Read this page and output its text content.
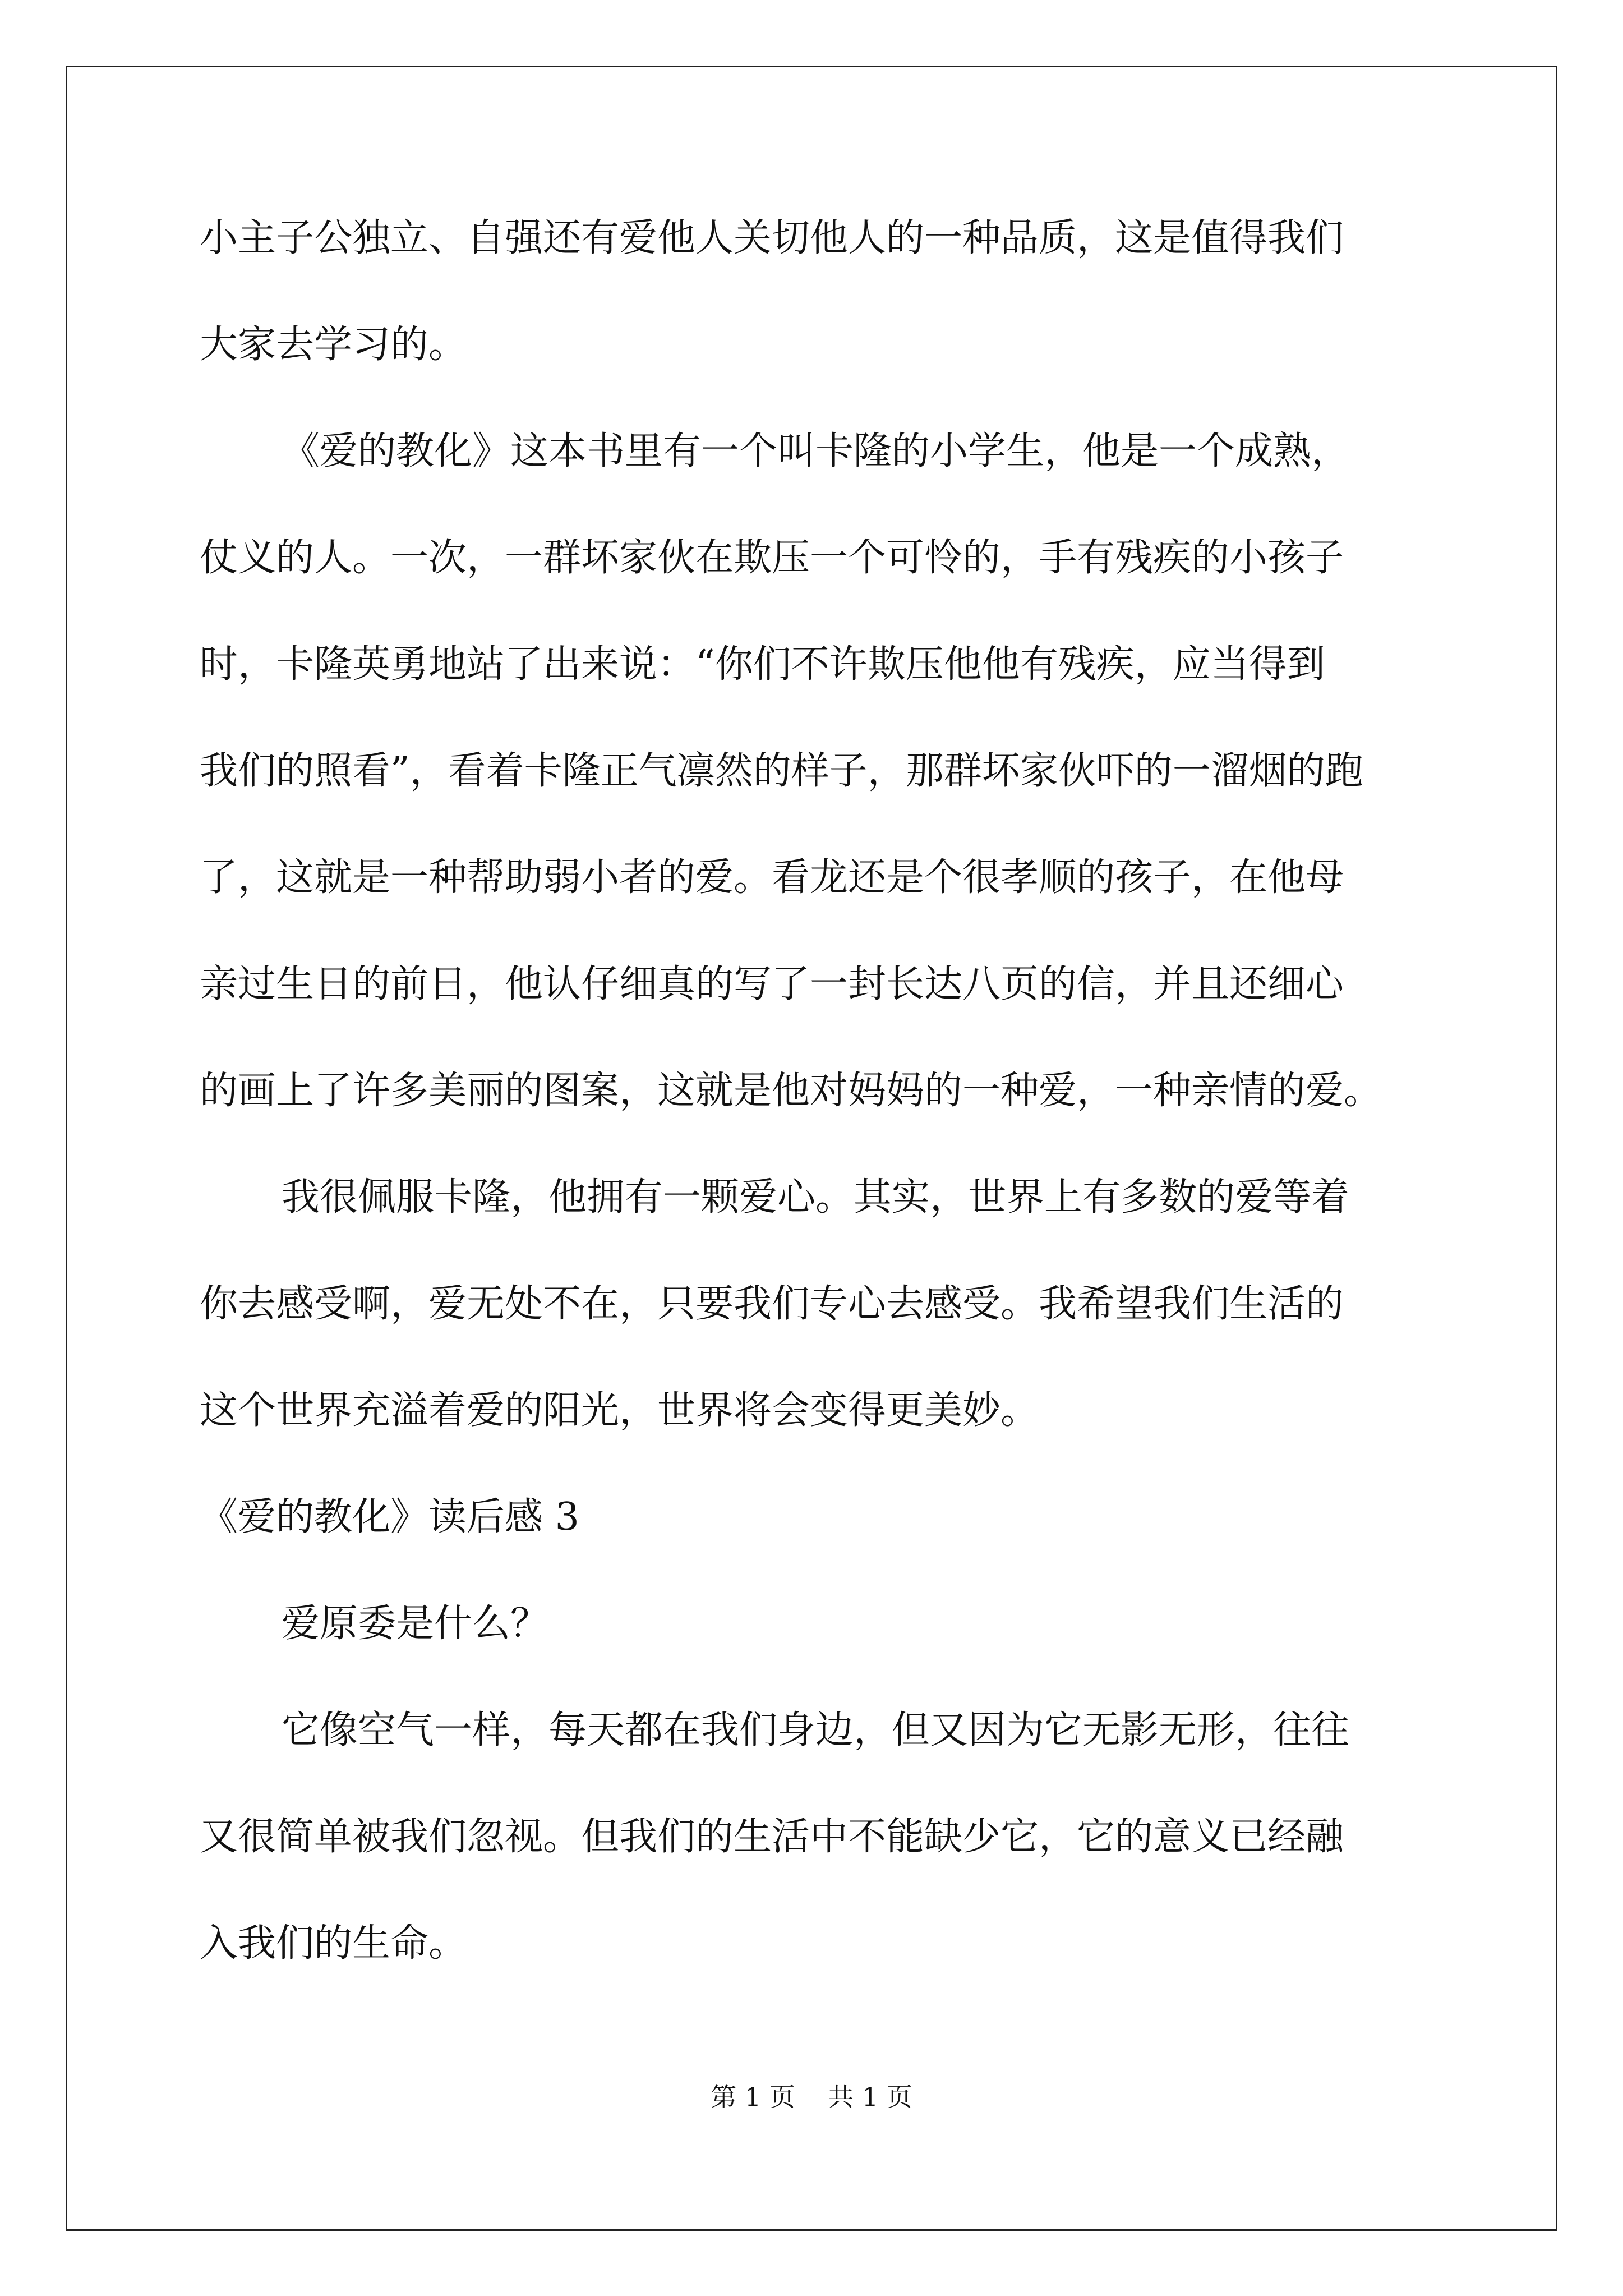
小主子公独立、自强还有爱他人关切他人的一种品质，这是值得我们
大家去学习的。
《爱的教化》这本书里有一个叫卡隆的小学生，他是一个成熟，
仗义的人。一次，一群坏家伙在欺压一个可怜的，手有残疾的小孩子
时，卡隆英勇地站了出来说：“你们不许欺压他他有残疾，应当得到
我们的照看”，看着卡隆正气凛然的样子，那群坏家伙吓的一溜烟的跑
了，这就是一种帮助弱小者的爱。看龙还是个很孝顺的孩子，在他母
亲过生日的前日，他认仔细真的写了一封长达八页的信，并且还细心
的画上了许多美丽的图案，这就是他对妈妈的一种爱，一种亲情的爱。
我很佩服卡隆，他拥有一颗爱心。其实，世界上有多数的爱等着
你去感受啊，爱无处不在，只要我们专心去感受。我希望我们生活的
这个世界充溢着爱的阳光，世界将会变得更美妙。
《爱的教化》读后感 3
爱原委是什么？
它像空气一样，每天都在我们身边，但又因为它无影无形，往往
又很简单被我们忽视。但我们的生活中不能缺少它，它的意义已经融
入我们的生命。
第 1 页    共 1 页
